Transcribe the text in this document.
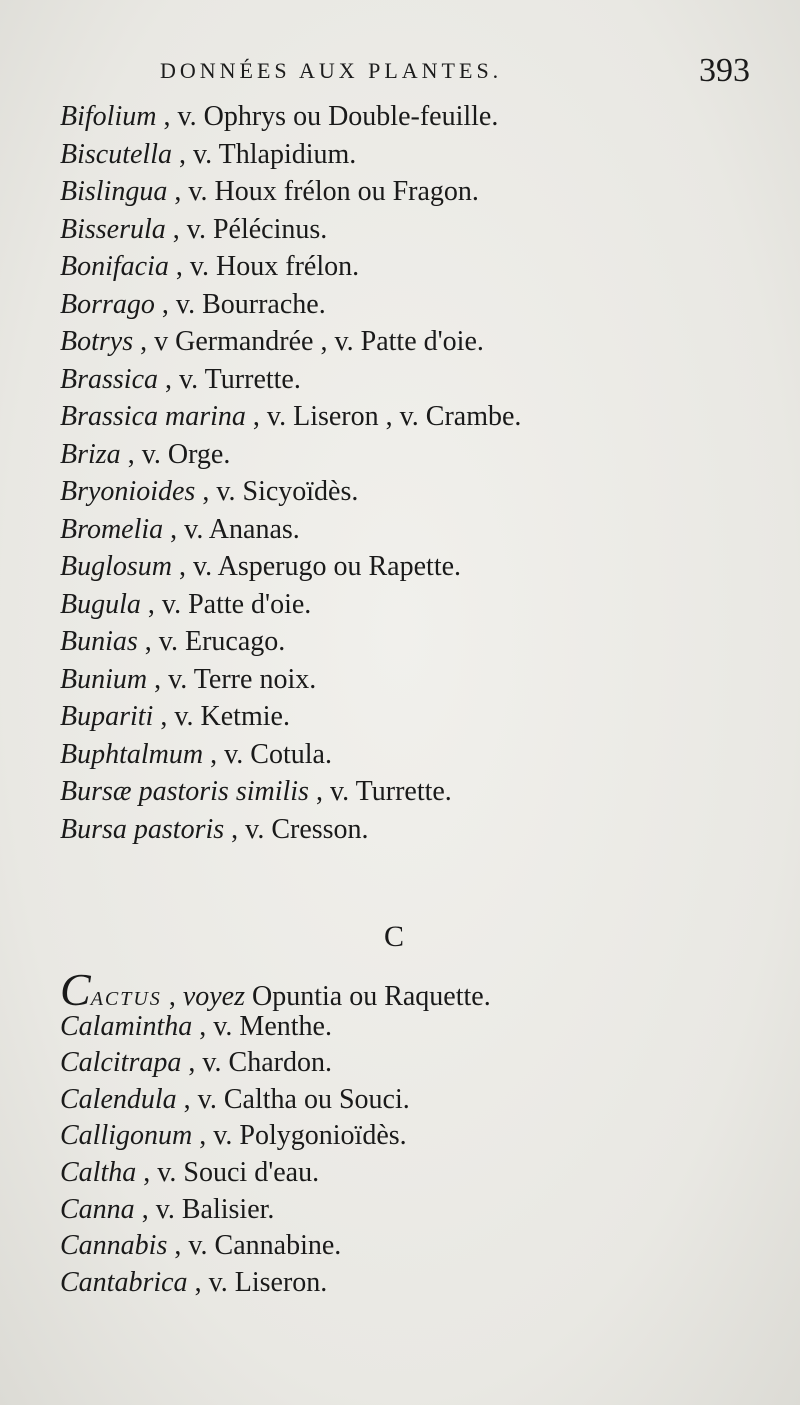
DONNÉES AUX PLANTES.	393
Bifolium , v. Ophrys ou Double-feuille.
Biscutella , v. Thlapidium.
Bislingua , v. Houx frélon ou Fragon.
Bisserula , v. Pélécinus.
Bonifacia , v. Houx frélon.
Borrago , v. Bourrache.
Botrys , v Germandrée , v. Patte d'oie.
Brassica , v. Turrette.
Brassica marina , v. Liseron , v. Crambe.
Briza , v. Orge.
Bryonioides , v. Sicyoïdès.
Bromelia , v. Ananas.
Buglosum , v. Asperugo ou Rapette.
Bugula , v. Patte d'oie.
Bunias , v. Erucago.
Bunium , v. Terre noix.
Bupariti , v. Ketmie.
Buphtalmum , v. Cotula.
Bursæ pastoris similis , v. Turrette.
Bursa pastoris , v. Cresson.
C
Cactus , voyez Opuntia ou Raquette.
Calamintha , v. Menthe.
Calcitrapa , v. Chardon.
Calendula , v. Caltha ou Souci.
Calligonum , v. Polygonioïdès.
Caltha , v. Souci d'eau.
Canna , v. Balisier.
Cannabis , v. Cannabine.
Cantabrica , v. Liseron.
